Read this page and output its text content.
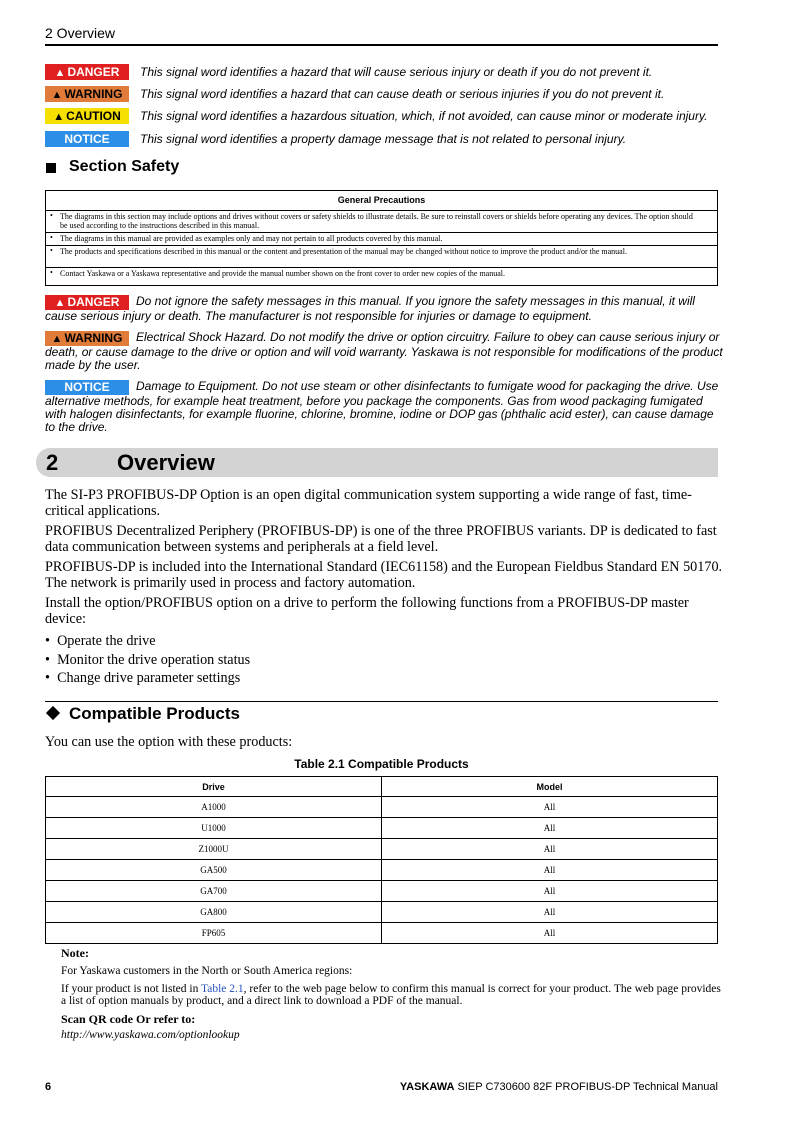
2 Overview
▲ DANGER	This signal word identifies a hazard that will cause serious injury or death if you do not prevent it.
▲ WARNING	This signal word identifies a hazard that can cause death or serious injuries if you do not prevent it.
▲ CAUTION	This signal word identifies a hazardous situation, which, if not avoided, can cause minor or moderate injury.
NOTICE	This signal word identifies a property damage message that is not related to personal injury.
Section Safety
General Precautions
• The diagrams in this section may include options and drives without covers or safety shields to illustrate details. Be sure to reinstall covers or shields before operating any devices. The option should be used according to the instructions described in this manual.
• The diagrams in this manual are provided as examples only and may not pertain to all products covered by this manual.
• The products and specifications described in this manual or the content and presentation of the manual may be changed without notice to improve the product and/or the manual.
• Contact Yaskawa or a Yaskawa representative and provide the manual number shown on the front cover to order new copies of the manual.
▲ DANGER Do not ignore the safety messages in this manual. If you ignore the safety messages in this manual, it will cause serious injury or death. The manufacturer is not responsible for injuries or damage to equipment.
▲ WARNING Electrical Shock Hazard. Do not modify the drive or option circuitry. Failure to obey can cause serious injury or death, or cause damage to the drive or option and will void warranty. Yaskawa is not responsible for modifications of the product made by the user.
NOTICE Damage to Equipment. Do not use steam or other disinfectants to fumigate wood for packaging the drive. Use alternative methods, for example heat treatment, before you package the components. Gas from wood packaging fumigated with halogen disinfectants, for example fluorine, chlorine, bromine, iodine or DOP gas (phthalic acid ester), can cause damage to the drive.
2	Overview
The SI-P3 PROFIBUS-DP Option is an open digital communication system supporting a wide range of fast, time-critical applications.
PROFIBUS Decentralized Periphery (PROFIBUS-DP) is one of the three PROFIBUS variants. DP is dedicated to fast data communication between systems and peripherals at a field level.
PROFIBUS-DP is included into the International Standard (IEC61158) and the European Fieldbus Standard EN 50170. The network is primarily used in process and factory automation.
Install the option/PROFIBUS option on a drive to perform the following functions from a PROFIBUS-DP master device:
•  Operate the drive
•  Monitor the drive operation status
•  Change drive parameter settings
Compatible Products
You can use the option with these products:
Table 2.1 Compatible Products
Drive	Model
A1000	All
U1000	All
Z1000U	All
GA500	All
GA700	All
GA800	All
FP605	All
Note:
For Yaskawa customers in the North or South America regions:
If your product is not listed in Table 2.1, refer to the web page below to confirm this manual is correct for your product. The web page provides a list of option manuals by product, and a direct link to download a PDF of the manual.
Scan QR code Or refer to:
http://www.yaskawa.com/optionlookup
6	YASKAWA SIEP C730600 82F PROFIBUS-DP Technical Manual
